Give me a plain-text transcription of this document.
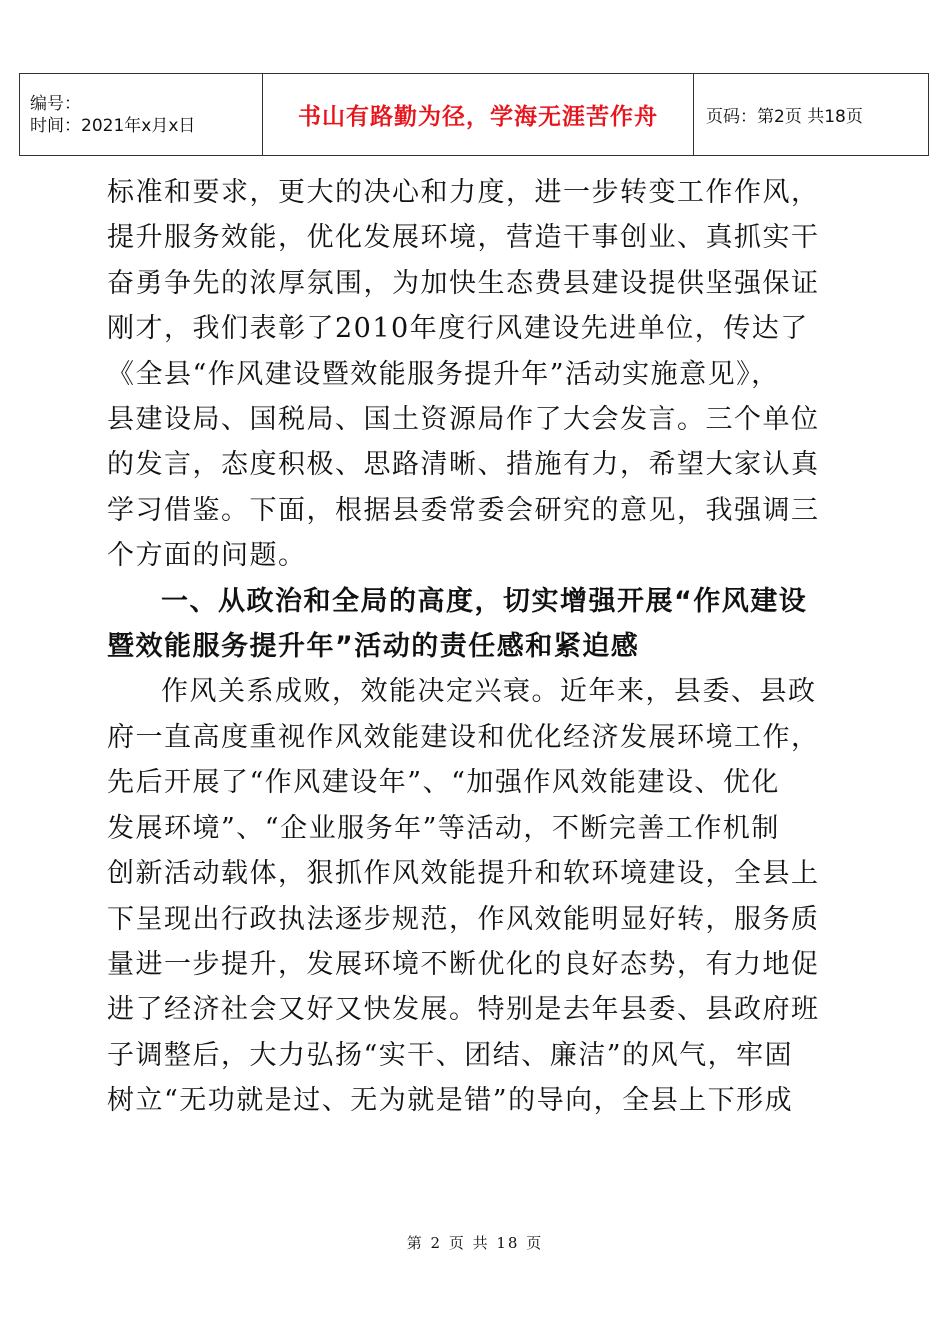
编号：
时间：2021年x月x日	书山有路勤为径，学海无涯苦作舟	页码：第2页 共18页

标准和要求，更大的决心和力度，进一步转变工作作风，
提升服务效能，优化发展环境，营造干事创业、真抓实干
奋勇争先的浓厚氛围，为加快生态费县建设提供坚强保证
刚才，我们表彰了2010年度行风建设先进单位，传达了
《全县“作风建设暨效能服务提升年”活动实施意见》，
县建设局、国税局、国土资源局作了大会发言。三个单位
的发言，态度积极、思路清晰、措施有力，希望大家认真
学习借鉴。下面，根据县委常委会研究的意见，我强调三
个方面的问题。

一、从政治和全局的高度，切实增强开展“作风建设
暨效能服务提升年”活动的责任感和紧迫感

作风关系成败，效能决定兴衰。近年来，县委、县政
府一直高度重视作风效能建设和优化经济发展环境工作，
先后开展了“作风建设年”、“加强作风效能建设、优化
发展环境”、“企业服务年”等活动，不断完善工作机制
创新活动载体，狠抓作风效能提升和软环境建设，全县上
下呈现出行政执法逐步规范，作风效能明显好转，服务质
量进一步提升，发展环境不断优化的良好态势，有力地促
进了经济社会又好又快发展。特别是去年县委、县政府班
子调整后，大力弘扬“实干、团结、廉洁”的风气，牢固
树立“无功就是过、无为就是错”的导向，全县上下形成

第 2 页 共 18 页
